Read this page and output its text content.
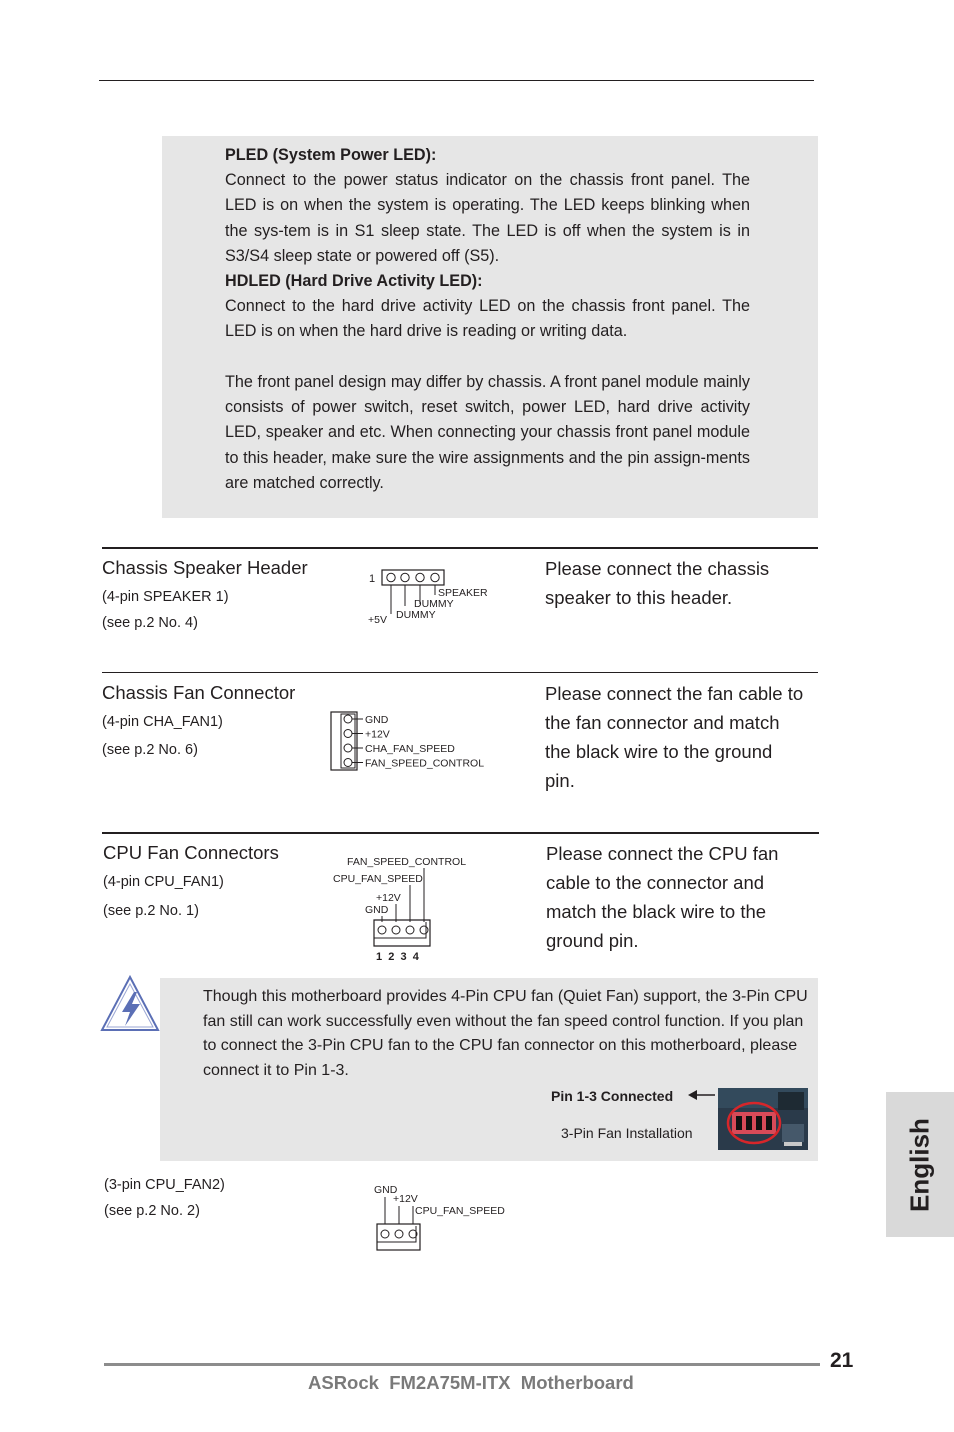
PLED (System Power LED):
Connect to the power status indicator on the chassis front panel. The LED is on when the system is operating. The LED keeps blinking when the sys-tem is in S1 sleep state. The LED is off when the system is in S3/S4 sleep state or powered off (S5).
HDLED (Hard Drive Activity LED):
Connect to the hard drive activity LED on the chassis front panel. The LED is on when the hard drive is reading or writing data.
The front panel design may differ by chassis. A front panel module mainly consists of power switch, reset switch, power LED, hard drive activity LED, speaker and etc. When connecting your chassis front panel module to this header, make sure the wire assignments and the pin assign-ments are matched correctly.
Chassis Speaker Header
(4-pin SPEAKER 1)
(see p.2 No. 4)
Please connect the chassis speaker to this header.
1
SPEAKER
DUMMY
DUMMY
+5V
Chassis Fan Connector
(4-pin CHA_FAN1)
(see p.2 No. 6)
Please connect the fan cable to the fan connector and match the black wire to the ground pin.
GND
+12V
CHA_FAN_SPEED
FAN_SPEED_CONTROL
CPU Fan Connectors
(4-pin CPU_FAN1)
(see p.2 No. 1)
Please connect the CPU fan cable to the connector and match the black wire to the ground pin.
FAN_SPEED_CONTROL
CPU_FAN_SPEED
+12V
GND
1  2  3  4
Though this motherboard provides 4-Pin CPU fan (Quiet Fan) support, the 3-Pin CPU fan still can work successfully even without the fan speed control function. If you plan to connect the 3-Pin CPU fan to the CPU fan connector on this motherboard, please connect it to Pin 1-3.
Pin 1-3 Connected
3-Pin Fan Installation
(3-pin CPU_FAN2)
(see p.2 No. 2)
GND
+12V
CPU_FAN_SPEED	English
21
ASRock  FM2A75M-ITX  Motherboard
